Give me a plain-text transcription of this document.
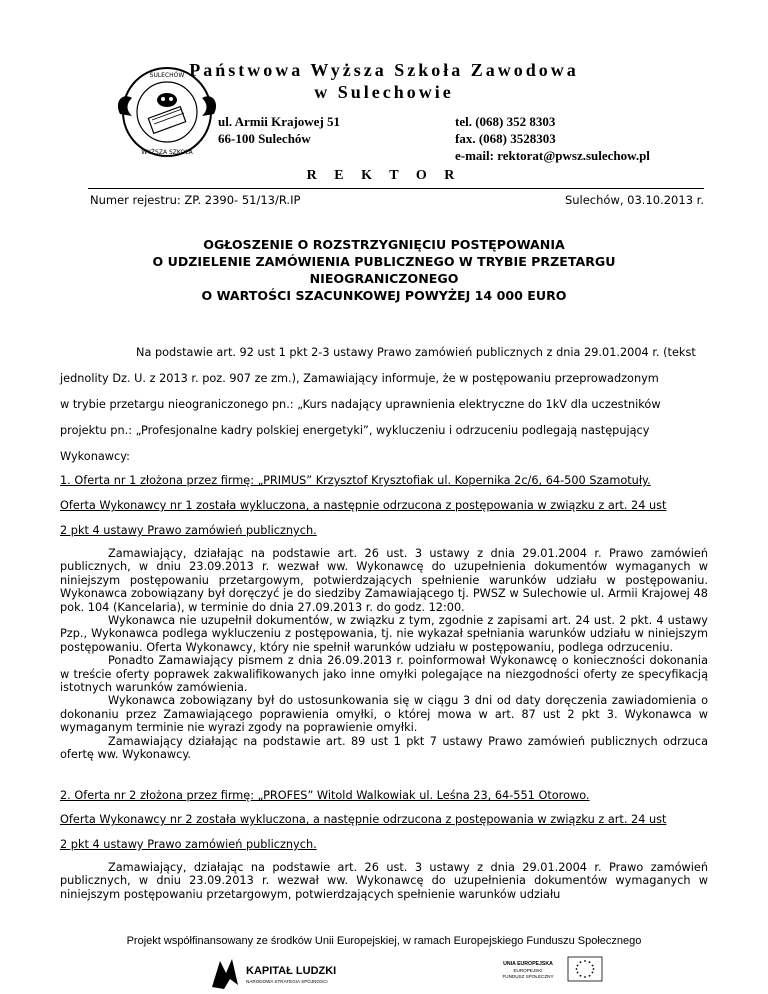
SULECHÓW
WYŻSZA SZKOŁA
Państwowa Wyższa Szkoła Zawodowa
w Sulechowie
ul. Armii Krajowej 51
66-100 Sulechów
tel. (068) 352 8303
fax. (068) 3528303
e-mail: rektorat@pwsz.sulechow.pl
R E K T O R
Numer rejestru: ZP. 2390- 51/13/R.IP	Sulechów, 03.10.2013 r.
OGŁOSZENIE O ROZSTRZYGNIĘCIU POSTĘPOWANIA
O UDZIELENIE ZAMÓWIENIA PUBLICZNEGO W TRYBIE PRZETARGU
NIEOGRANICZONEGO
O WARTOŚCI SZACUNKOWEJ POWYŻEJ 14 000 EURO
Na podstawie art. 92 ust 1 pkt 2-3 ustawy Prawo zamówień publicznych z dnia 29.01.2004 r. (tekst
jednolity Dz. U. z 2013 r. poz. 907 ze zm.), Zamawiający informuje, że w postępowaniu przeprowadzonym
w trybie przetargu nieograniczonego pn.: „Kurs nadający uprawnienia elektryczne do 1kV dla uczestników
projektu pn.: „Profesjonalne kadry polskiej energetyki”, wykluczeniu i odrzuceniu podlegają następujący
Wykonawcy:
1. Oferta nr 1 złożona przez firmę: „PRIMUS” Krzysztof Krysztofiak ul. Kopernika 2c/6, 64-500 Szamotuły.
Oferta Wykonawcy nr 1 została wykluczona, a następnie odrzucona z postępowania w związku z art. 24 ust
2 pkt 4 ustawy Prawo zamówień publicznych.

Zamawiający, działając na podstawie art. 26 ust. 3 ustawy z dnia 29.01.2004 r. Prawo zamówień publicznych, w dniu 23.09.2013 r. wezwał ww. Wykonawcę do uzupełnienia dokumentów wymaganych w niniejszym postępowaniu przetargowym, potwierdzających spełnienie warunków udziału w postępowaniu. Wykonawca zobowiązany był doręczyć je do siedziby Zamawiającego tj. PWSZ w Sulechowie ul. Armii Krajowej 48 pok. 104 (Kancelaria), w terminie do dnia 27.09.2013 r. do godz. 12:00.

Wykonawca nie uzupełnił dokumentów, w związku z tym, zgodnie z zapisami art. 24 ust. 2 pkt. 4 ustawy Pzp., Wykonawca podlega wykluczeniu z postępowania, tj. nie wykazał spełniania warunków udziału w niniejszym postępowaniu. Oferta Wykonawcy, który nie spełnił warunków udziału w postępowaniu, podlega odrzuceniu.

Ponadto Zamawiający pismem z dnia 26.09.2013 r. poinformował Wykonawcę o konieczności dokonania w treście oferty poprawek zakwalifikowanych jako inne omyłki polegające na niezgodności oferty ze specyfikacją istotnych warunków zamówienia.

Wykonawca zobowiązany był do ustosunkowania się w ciągu 3 dni od daty doręczenia zawiadomienia o dokonaniu przez Zamawiającego poprawienia omyłki, o której mowa w art. 87 ust 2 pkt 3. Wykonawca w wymaganym terminie nie wyrazi zgody na poprawienie omyłki.

Zamawiający działając na podstawie art. 89 ust 1 pkt 7 ustawy Prawo zamówień publicznych odrzuca ofertę ww. Wykonawcy.

2. Oferta nr 2 złożona przez firmę: „PROFES” Witold Walkowiak ul. Leśna 23, 64-551 Otorowo.
Oferta Wykonawcy nr 2 została wykluczona, a następnie odrzucona z postępowania w związku z art. 24 ust
2 pkt 4 ustawy Prawo zamówień publicznych.

Zamawiający, działając na podstawie art. 26 ust. 3 ustawy z dnia 29.01.2004 r. Prawo zamówień publicznych, w dniu 23.09.2013 r. wezwał ww. Wykonawcę do uzupełnienia dokumentów wymaganych w niniejszym postępowaniu przetargowym, potwierdzających spełnienie warunków udziału

Projekt współfinansowany ze środków Unii Europejskiej, w ramach Europejskiego Funduszu Społecznego
KAPITAŁ LUDZKI
NARODOWA STRATEGIA SPÓJNOŚCI
UNIA EUROPEJSKA
EUROPEJSKI
FUNDUSZ SPOŁECZNY
